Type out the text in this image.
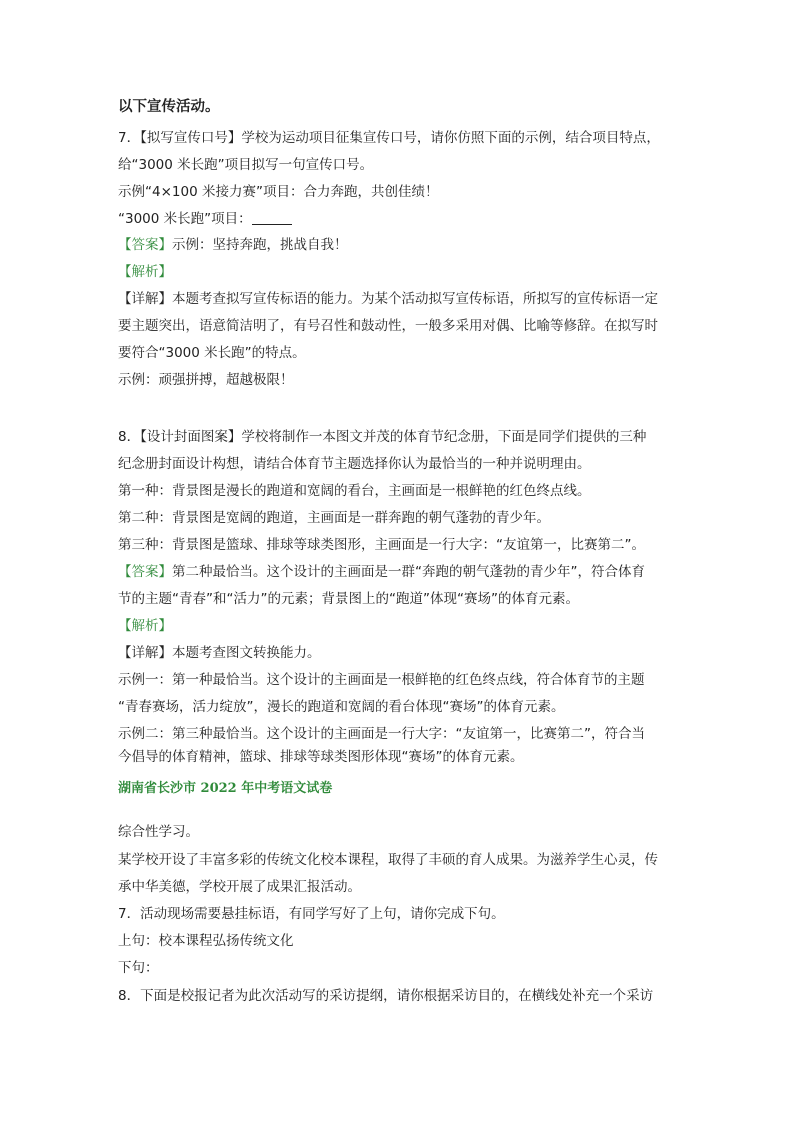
以下宣传活动。
7．【拟写宣传口号】学校为运动项目征集宣传口号，请你仿照下面的示例，结合项目特点，
给“3000 米长跑”项目拟写一句宣传口号。
示例“4×100 米接力赛”项目：合力奔跑，共创佳绩！
“3000 米长跑”项目：
【答案】示例：坚持奔跑，挑战自我！
【解析】
【详解】本题考查拟写宣传标语的能力。为某个活动拟写宣传标语，所拟写的宣传标语一定
要主题突出，语意简洁明了，有号召性和鼓动性，一般多采用对偶、比喻等修辞。在拟写时
要符合“3000 米长跑”的特点。
示例：顽强拼搏，超越极限！
8．【设计封面图案】学校将制作一本图文并茂的体育节纪念册，下面是同学们提供的三种
纪念册封面设计构想，请结合体育节主题选择你认为最恰当的一种并说明理由。
第一种：背景图是漫长的跑道和宽阔的看台，主画面是一根鲜艳的红色终点线。
第二种：背景图是宽阔的跑道，主画面是一群奔跑的朝气蓬勃的青少年。
第三种：背景图是篮球、排球等球类图形，主画面是一行大字：“友谊第一，比赛第二”。
【答案】第二种最恰当。这个设计的主画面是一群“奔跑的朝气蓬勃的青少年”，符合体育
节的主题“青春”和“活力”的元素；背景图上的“跑道”体现“赛场”的体育元素。
【解析】
【详解】本题考查图文转换能力。
示例一：第一种最恰当。这个设计的主画面是一根鲜艳的红色终点线，符合体育节的主题
“青春赛场，活力绽放”，漫长的跑道和宽阔的看台体现“赛场”的体育元素。
示例二：第三种最恰当。这个设计的主画面是一行大字：“友谊第一，比赛第二”，符合当
今倡导的体育精神，篮球、排球等球类图形体现“赛场”的体育元素。
湖南省长沙市 2022 年中考语文试卷
综合性学习。
某学校开设了丰富多彩的传统文化校本课程，取得了丰硕的育人成果。为滋养学生心灵，传
承中华美德，学校开展了成果汇报活动。
7．活动现场需要悬挂标语，有同学写好了上句，请你完成下句。
上句：校本课程弘扬传统文化
下句：
8．下面是校报记者为此次活动写的采访提纲，请你根据采访目的，在横线处补充一个采访
